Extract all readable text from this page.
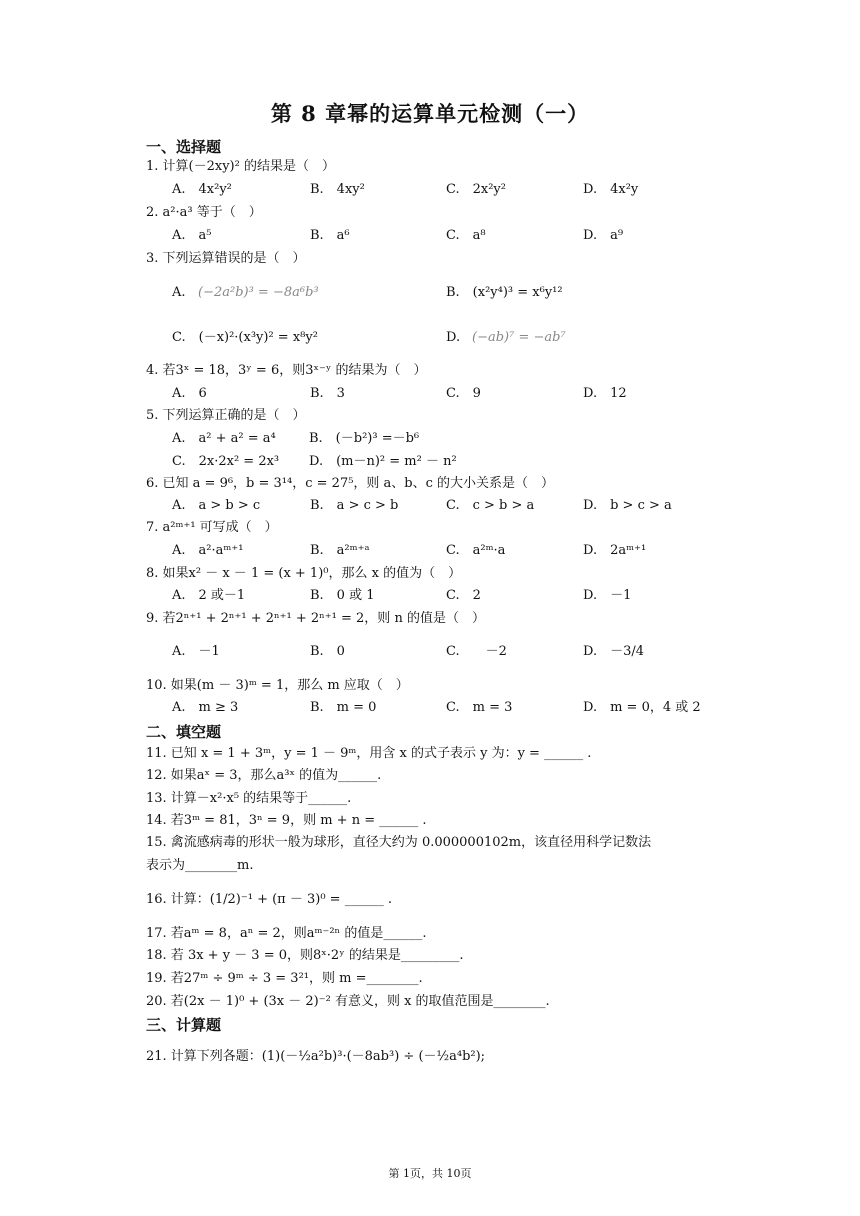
第 8 章幂的运算单元检测（一）
一、选择题
1. 计算(－2xy)² 的结果是（　）
A.　4x²y²	B.　4xy²	C.　2x²y²	D.　4x²y
2. a²·a³ 等于（　）
A.　a⁵	B.　a⁶	C.　a⁸	D.　a⁹
3. 下列运算错误的是（　）
A. (−2a²b)³ = −8a⁶b³	B.　(x²y⁴)³ = x⁶y¹²
C.　(－x)²·(x³y)² = x⁸y²	D. (−ab)⁷ = −ab⁷
4. 若3ˣ = 18，3ʸ = 6，则3ˣ⁻ʸ 的结果为（　）
A.　6	B.　3	C.　9	D.　12
5. 下列运算正确的是（　）
A.　a² + a² = a⁴	B.　(－b²)³ =－b⁶
C.　2x·2x² = 2x³ D.　(m－n)² = m² － n²
6. 已知 a = 9⁶，b = 3¹⁴，c = 27⁵，则 a、b、c 的大小关系是（　）
A.　a > b > c	B.　a > c > b	C.　c > b > a	D.　b > c > a
7. a²ᵐ⁺¹ 可写成（　）
A.　a²·aᵐ⁺¹	B.　a²ᵐ⁺ᵃ	C.　a²ᵐ·a	D.　2aᵐ⁺¹
8. 如果x² － x － 1 = (x + 1)⁰，那么 x 的值为（　）
A.　2 或－1	B.　0 或 1	C.　2	D.　－1
9. 若2ⁿ⁺¹ + 2ⁿ⁺¹ + 2ⁿ⁺¹ + 2ⁿ⁺¹ = 2，则 n 的值是（　）
A.　－1	B.　0	C.　　－2	D.　－3/4
10. 如果(m － 3)ᵐ = 1，那么 m 应取（　）
A.　m ≥ 3	B.　m = 0	C.　m = 3	D.　m = 0，4 或 2
二、填空题
11. 已知 x = 1 + 3ᵐ，y = 1 － 9ᵐ，用含 x 的式子表示 y 为：y = ______ .
12. 如果aˣ = 3，那么a³ˣ 的值为______.
13. 计算－x²·x⁵ 的结果等于______.
14. 若3ᵐ = 81，3ⁿ = 9，则 m + n = ______ .
15. 禽流感病毒的形状一般为球形，直径大约为 0.000000102m，该直径用科学记数法
表示为________m.
16. 计算：(1/2)⁻¹ + (π － 3)⁰ = ______ .
17. 若aᵐ = 8，aⁿ = 2，则aᵐ⁻²ⁿ 的值是______.
18. 若 3x + y － 3 = 0，则8ˣ·2ʸ 的结果是_________.
19. 若27ᵐ ÷ 9ᵐ ÷ 3 = 3²¹，则 m =________.
20. 若(2x － 1)⁰ + (3x － 2)⁻² 有意义，则 x 的取值范围是________.
三、计算题
21. 计算下列各题：(1)(－½a²b)³·(－8ab³) ÷ (－½a⁴b²);
第 1页，共 10页
